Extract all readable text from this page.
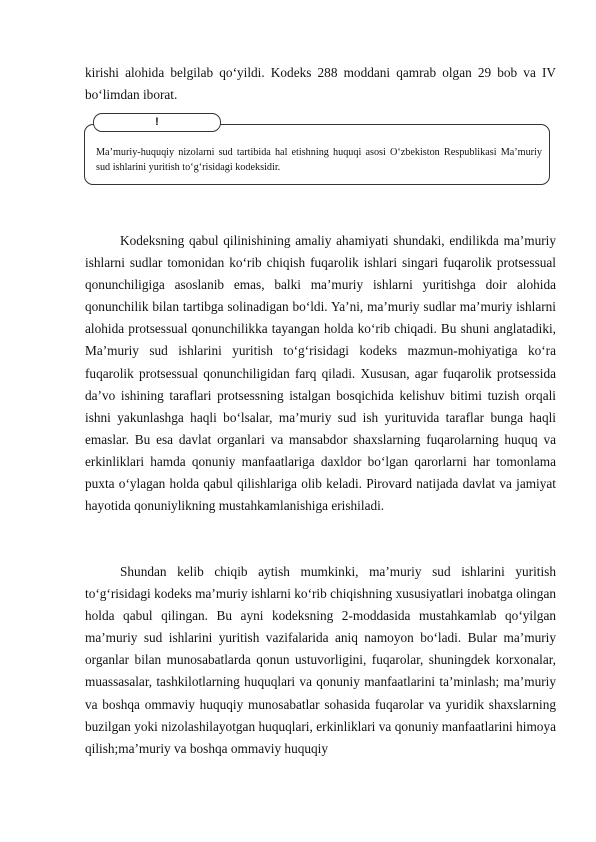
kirishi alohida belgilab qo‘yildi. Kodeks 288 moddani qamrab olgan 29 bob va IV bo‘limdan iborat.

!

Ma’muriy-huquqiy nizolarni sud tartibida hal etishning huquqi asosi O‘zbekiston Respublikasi Ma’muriy sud ishlarini yuritish to‘g‘risidagi kodeksidir.

Kodeksning qabul qilinishining amaliy ahamiyati shundaki, endilikda ma’muriy ishlarni sudlar tomonidan ko‘rib chiqish fuqarolik ishlari singari fuqarolik protsessual qonunchiligiga asoslanib emas, balki ma’muriy ishlarni yuritishga doir alohida qonunchilik bilan tartibga solinadigan bo‘ldi. Ya’ni, ma’muriy sudlar ma’muriy ishlarni alohida protsessual qonunchilikka tayangan holda ko‘rib chiqadi. Bu shuni anglatadiki, Ma’muriy sud ishlarini yuritish to‘g‘risidagi kodeks mazmun-mohiyatiga ko‘ra fuqarolik protsessual qonunchiligidan farq qiladi. Xususan, agar fuqarolik protsessida da’vo ishining taraflari protsessning istalgan bosqichida kelishuv bitimi tuzish orqali ishni yakunlashga haqli bo‘lsalar, ma’muriy sud ish yurituvida taraflar bunga haqli emaslar. Bu esa davlat organlari va mansabdor shaxslarning fuqarolarning huquq va erkinliklari hamda qonuniy manfaatlariga daxldor bo‘lgan qarorlarni har tomonlama puxta o‘ylagan holda qabul qilishlariga olib keladi. Pirovard natijada davlat va jamiyat hayotida qonuniylikning mustahkamlanishiga erishiladi.

Shundan kelib chiqib aytish mumkinki, ma’muriy sud ishlarini yuritish to‘g‘risidagi kodeks ma’muriy ishlarni ko‘rib chiqishning xususiyatlari inobatga olingan holda qabul qilingan. Bu ayni kodeksning 2-moddasida mustahkamlab qo‘yilgan ma’muriy sud ishlarini yuritish vazifalarida aniq namoyon bo‘ladi. Bular ma’muriy organlar bilan munosabatlarda qonun ustuvorligini, fuqarolar, shuningdek korxonalar, muassasalar, tashkilotlarning huquqlari va qonuniy manfaatlarini ta’minlash; ma’muriy va boshqa ommaviy huquqiy munosabatlar sohasida fuqarolar va yuridik shaxslarning buzilgan yoki nizolashilayotgan huquqlari, erkinliklari va qonuniy manfaatlarini himoya qilish;ma’muriy va boshqa ommaviy huquqiy
